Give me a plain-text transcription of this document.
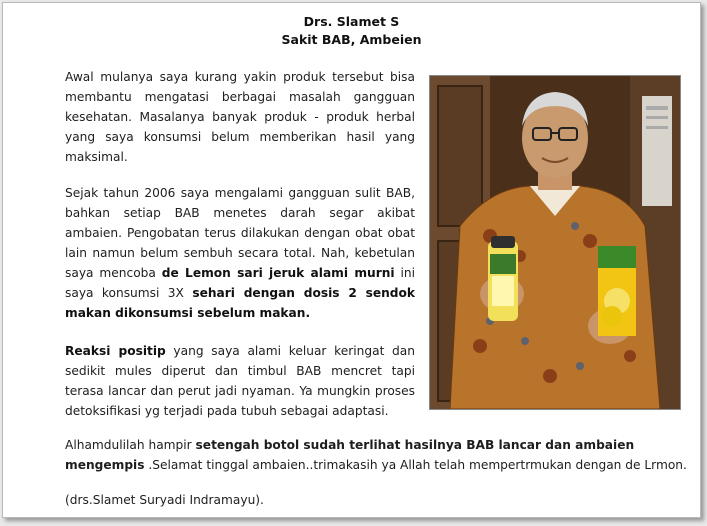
Drs. Slamet S
Sakit BAB, Ambeien

Awal mulanya saya kurang yakin produk tersebut bisa membantu mengatasi berbagai masalah gangguan kesehatan. Masalanya banyak produk - produk herbal yang saya konsumsi belum memberikan hasil yang maksimal.

Sejak tahun 2006 saya mengalami gangguan sulit BAB, bahkan setiap BAB menetes darah segar akibat ambaien. Pengobatan terus dilakukan dengan obat obat lain namun belum sembuh secara total. Nah, kebetulan saya mencoba de Lemon sari jeruk alami murni ini saya konsumsi 3X sehari dengan dosis 2 sendok makan dikonsumsi sebelum makan.

Reaksi positip yang saya alami keluar keringat dan sedikit mules diperut dan timbul BAB mencret tapi terasa lancar dan perut jadi nyaman. Ya mungkin proses detoksifikasi yg terjadi pada tubuh sebagai adaptasi.

Alhamdulilah hampir setengah botol sudah terlihat hasilnya BAB lancar dan ambaien mengempis .Selamat tinggal ambaien..trimakasih ya Allah telah mempertrmukan dengan de Lrmon.

(drs.Slamet Suryadi Indramayu).
